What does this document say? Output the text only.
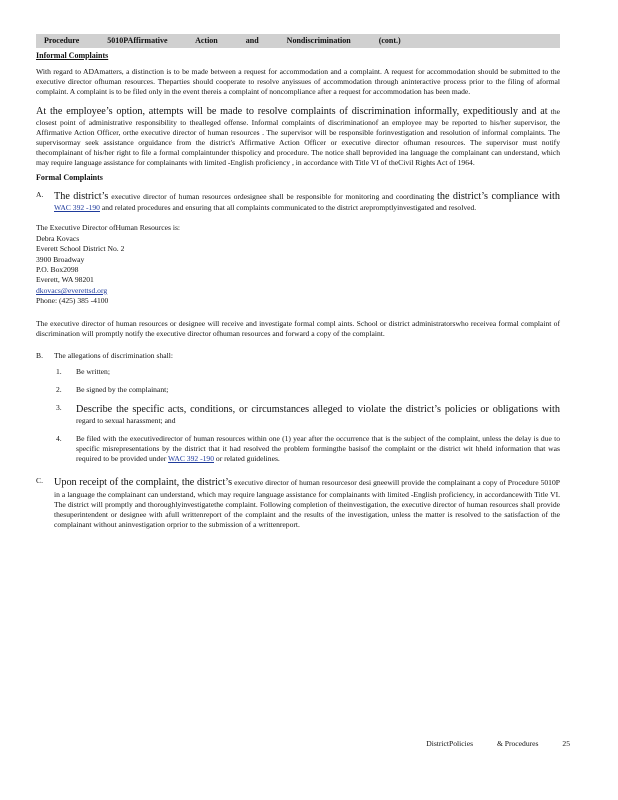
Procedure	5010PAffirmative	Action	and	Nondiscrimination	(cont.)
Informal Complaints

With regard to ADAmatters, a distinction is to be made between a request for accommodation and a complaint. A request for accommodation should be submitted to the executive director ofhuman resources. Theparties should cooperate to resolve anyissues of accommodation through aninteractive process prior to the filing of aformal complaint. A complaint is to be filed only in the event thereis a complaint of noncompliance after a request for accommodation has been made.

At the employee’s option, attempts will be made to resolve complaints of discrimination informally, expeditiously and at the closest point of administrative responsibility to thealleged offense. Informal complaints of discriminationof an employee may be reported to his/her supervisor, the Affirmative Action Officer, orthe executive director of human resources . The supervisor will be responsible forinvestigation and resolution of informal complaints. The supervisormay seek assistance orguidance from the district's Affirmative Action Officer or executive director ofhuman resources. The supervisor must notify thecomplainant of his/her right to file a formal complaintunder thispolicy and procedure. The notice shall beprovided ina language the complainant can understand, which may require language assistance for complainants with limited -English proficiency , in accordance with Title VI of theCivil Rights Act of 1964.

Formal Complaints
A. The district’s executive director of human resources ordesignee shall be responsible for monitoring and coordinating the district’s compliance with WAC 392 -190 and related procedures and ensuring that all complaints communicated to the district arepromptlyinvestigated and resolved.

The Executive Director ofHuman Resources is:
Debra Kovacs
Everett School District No. 2
3900 Broadway
P.O. Box2098
Everett, WA 98201
dkovacs@everettsd.org
Phone: (425) 385 -4100

The executive director of human resources or designee will receive and investigate formal compl aints. School or district administratorswho receivea formal complaint of discrimination will promptly notify the executive director ofhuman resources and forward a copy of the complaint.

B. The allegations of discrimination shall:

1. Be written;

2. Be signed by the complainant;

3. Describe the specific acts, conditions, or circumstances alleged to violate the district’s policies or obligations with regard to sexual harassment; and

4. Be filed with the executivedirector of human resources within one (1) year after the occurrence that is the subject of the complaint, unless the delay is due to specific misrepresentations by the district that it had resolved the problem formingthe basisof the complaint or the district wit hheld information that was required to be provided under WAC 392 -190 or related guidelines.

C. Upon receipt of the complaint, the district’s executive director of human resourcesor desi gneewill provide the complainant a copy of Procedure 5010P in a language the complainant can understand, which may require language assistance for complainants with limited -English proficiency, in accordancewith Title VI. The district will promptly and thoroughlyinvestigatethe complaint. Following completion of theinvestigation, the executive director of human resources shall provide thesuperintendent or designee with afull writtenreport of the complaint and the results of the investigation, unless the matter is resolved to the satisfaction of the complainant without aninvestigation orprior to the submission of a writtenreport.

DistrictPolicies	& Procedures	25
